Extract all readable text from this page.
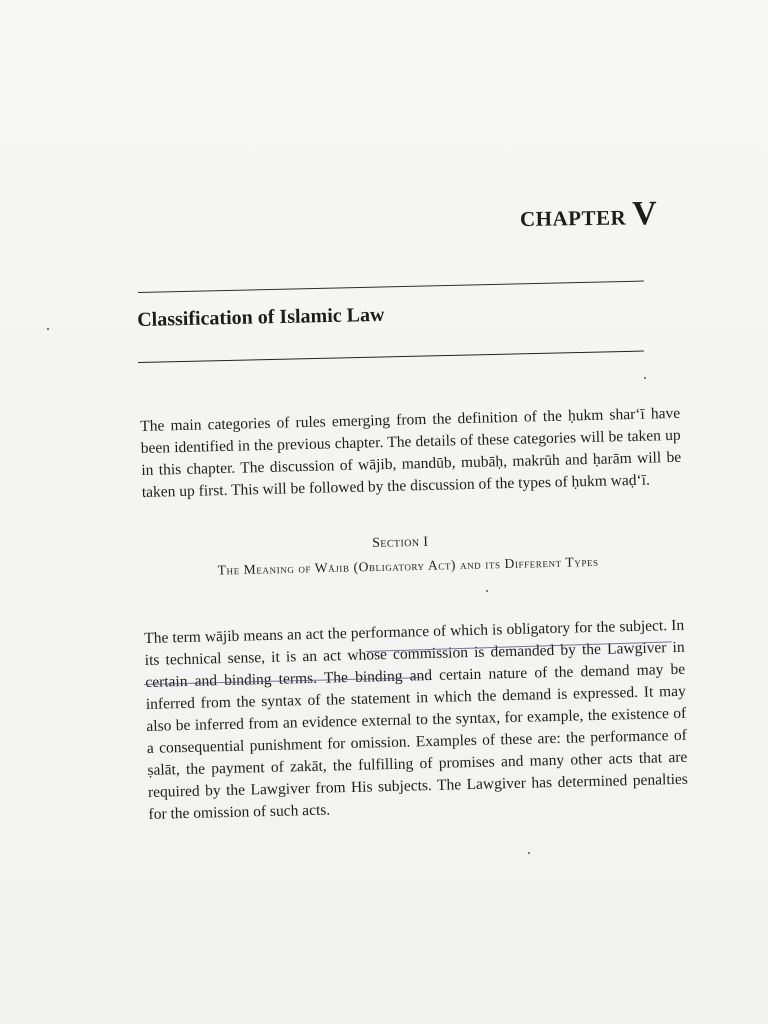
CHAPTER V
Classification of Islamic Law

The main categories of rules emerging from the definition of the ḥukm shar‘ī have been identified in the previous chapter. The details of these categories will be taken up in this chapter. The discussion of wājib, mandūb, mubāḥ, makrūh and ḥarām will be taken up first. This will be followed by the discussion of the types of ḥukm waḍ‘ī.

Section I
The Meaning of Wājib (Obligatory Act) and its Different Types

The term wājib means an act the performance of which is obligatory for the subject. In its technical sense, it is an act whose commission is demanded by the Lawgiver in certain and binding terms. The binding and certain nature of the demand may be inferred from the syntax of the statement in which the demand is expressed. It may also be inferred from an evidence external to the syntax, for example, the existence of a consequential punishment for omission. Examples of these are: the performance of ṣalāt, the payment of zakāt, the fulfilling of promises and many other acts that are required by the Lawgiver from His subjects. The Lawgiver has determined penalties for the omission of such acts.
